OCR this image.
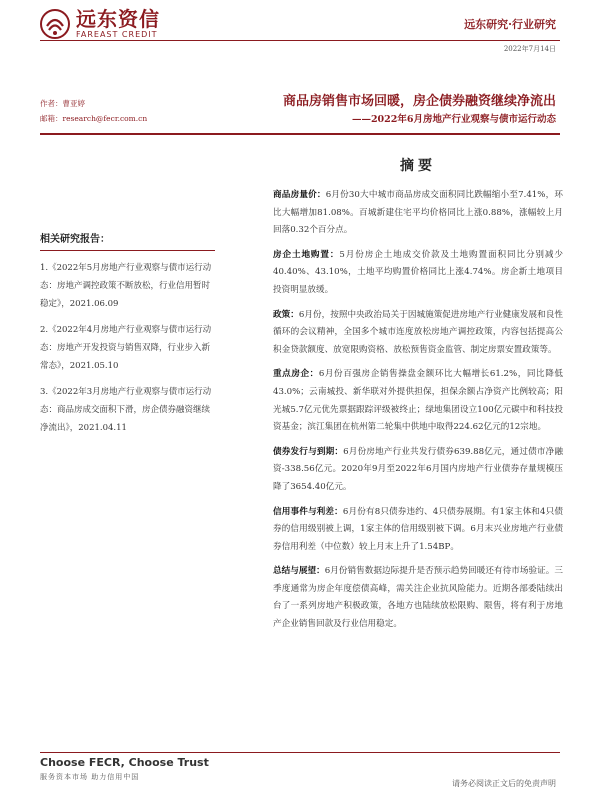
远东资信
FAREAST CREDIT
远东研究·行业研究
2022年7月14日
作者：曹亚婷
邮箱：research@fecr.com.cn
商品房销售市场回暖，房企债券融资继续净流出
——2022年6月房地产行业观察与债市运行动态
相关研究报告：
1.《2022年5月房地产行业观察与债市运行动态：房地产调控政策不断放松，行业信用暂时稳定》，2021.06.09
2.《2022年4月房地产行业观察与债市运行动态：房地产开发投资与销售双降，行业步入新常态》，2021.05.10
3.《2022年3月房地产行业观察与债市运行动态：商品房成交面积下滑，房企债券融资继续净流出》，2021.04.11
摘要

商品房量价：6月份30大中城市商品房成交面积同比跌幅缩小至7.41%，环比大幅增加81.08%。百城新建住宅平均价格同比上涨0.88%，涨幅较上月回落0.32个百分点。

房企土地购置：5月份房企土地成交价款及土地购置面积同比分别减少40.40%、43.10%，土地平均购置价格同比上涨4.74%。房企新土地项目投资明显放缓。

政策：6月份，按照中央政治局关于因城施策促进房地产行业健康发展和良性循环的会议精神，全国多个城市连度放松房地产调控政策，内容包括提高公积金贷款额度、放宽限购资格、放松预售资金监管、制定房票安置政策等。

重点房企：6月份百强房企销售操盘金额环比大幅增长61.2%，同比降低43.0%；云南城投、新华联对外提供担保，担保余额占净资产比例较高；阳光城5.7亿元优先票据跟踪评级被终止；绿地集团设立100亿元碳中和科技投资基金；滨江集团在杭州第二轮集中供地中取得224.62亿元的12宗地。

债券发行与到期：6月份房地产行业共发行债券639.88亿元，通过债市净融资-338.56亿元。2020年9月至2022年6月国内房地产行业债券存量规模压降了3654.40亿元。

信用事件与利差：6月份有8只债券违约、4只债券展期。有1家主体和4只债券的信用级别被上调，1家主体的信用级别被下调。6月末兴业房地产行业债券信用利差（中位数）较上月末上升了1.54BP。

总结与展望：6月份销售数据边际提升是否预示趋势回暖还有待市场验证。三季度通常为房企年度偿债高峰，需关注企业抗风险能力。近期各部委陆续出台了一系列房地产积极政策，各地方也陆续放松限购、限售，将有利于房地产企业销售回款及行业信用稳定。

Choose FECR, Choose Trust
服务资本市场 助力信用中国
请务必阅读正文后的免责声明
